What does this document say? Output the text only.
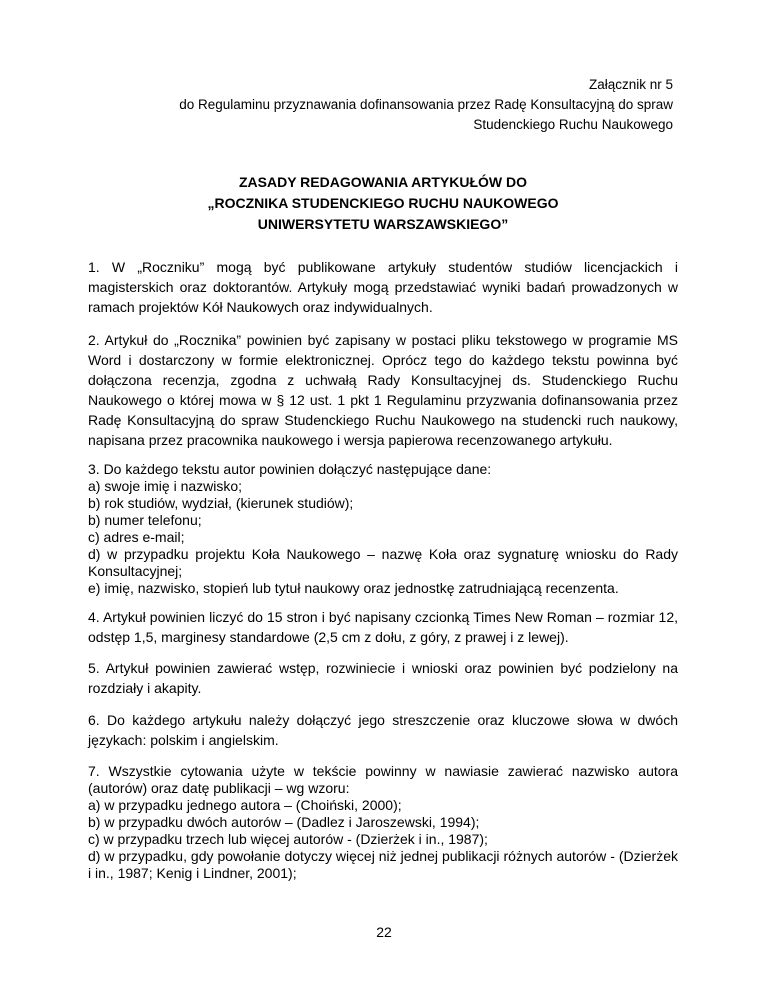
Załącznik nr 5
do Regulaminu przyznawania dofinansowania przez Radę Konsultacyjną do spraw
Studenckiego Ruchu Naukowego
ZASADY REDAGOWANIA ARTYKUŁÓW DO
„ROCZNIKA STUDENCKIEGO RUCHU NAUKOWEGO
UNIWERSYTETU WARSZAWSKIEGO”

1. W „Roczniku” mogą być publikowane artykuły studentów studiów licencjackich i magisterskich oraz doktorantów. Artykuły mogą przedstawiać wyniki badań prowadzonych w ramach projektów Kół Naukowych oraz indywidualnych.

2. Artykuł do „Rocznika” powinien być zapisany w postaci pliku tekstowego w programie MS Word i dostarczony w formie elektronicznej. Oprócz tego do każdego tekstu powinna być dołączona recenzja, zgodna z uchwałą Rady Konsultacyjnej ds. Studenckiego Ruchu Naukowego o której mowa w § 12 ust. 1 pkt 1 Regulaminu przyzwania dofinansowania przez Radę Konsultacyjną do spraw Studenckiego Ruchu Naukowego na studencki ruch naukowy, napisana przez pracownika naukowego i wersja papierowa recenzowanego artykułu.

3. Do każdego tekstu autor powinien dołączyć następujące dane:
a) swoje imię i nazwisko;
b) rok studiów, wydział, (kierunek studiów);
b) numer telefonu;
c) adres e-mail;
d) w przypadku projektu Koła Naukowego – nazwę Koła oraz sygnaturę wniosku do Rady Konsultacyjnej;
e) imię, nazwisko, stopień lub tytuł naukowy oraz jednostkę zatrudniającą recenzenta.

4. Artykuł powinien liczyć do 15 stron i być napisany czcionką Times New Roman – rozmiar 12, odstęp 1,5, marginesy standardowe (2,5 cm z dołu, z góry, z prawej i z lewej).

5. Artykuł powinien zawierać wstęp, rozwiniecie i wnioski oraz powinien być podzielony na rozdziały i akapity.

6. Do każdego artykułu należy dołączyć jego streszczenie oraz kluczowe słowa w dwóch językach: polskim i angielskim.

7. Wszystkie cytowania użyte w tekście powinny w nawiasie zawierać nazwisko autora (autorów) oraz datę publikacji – wg wzoru:
a) w przypadku jednego autora – (Choiński, 2000);
b) w przypadku dwóch autorów – (Dadlez i Jaroszewski, 1994);
c) w przypadku trzech lub więcej autorów - (Dzierżek i in., 1987);
d) w przypadku, gdy powołanie dotyczy więcej niż jednej publikacji różnych autorów - (Dzierżek i in., 1987; Kenig i Lindner, 2001);
22
